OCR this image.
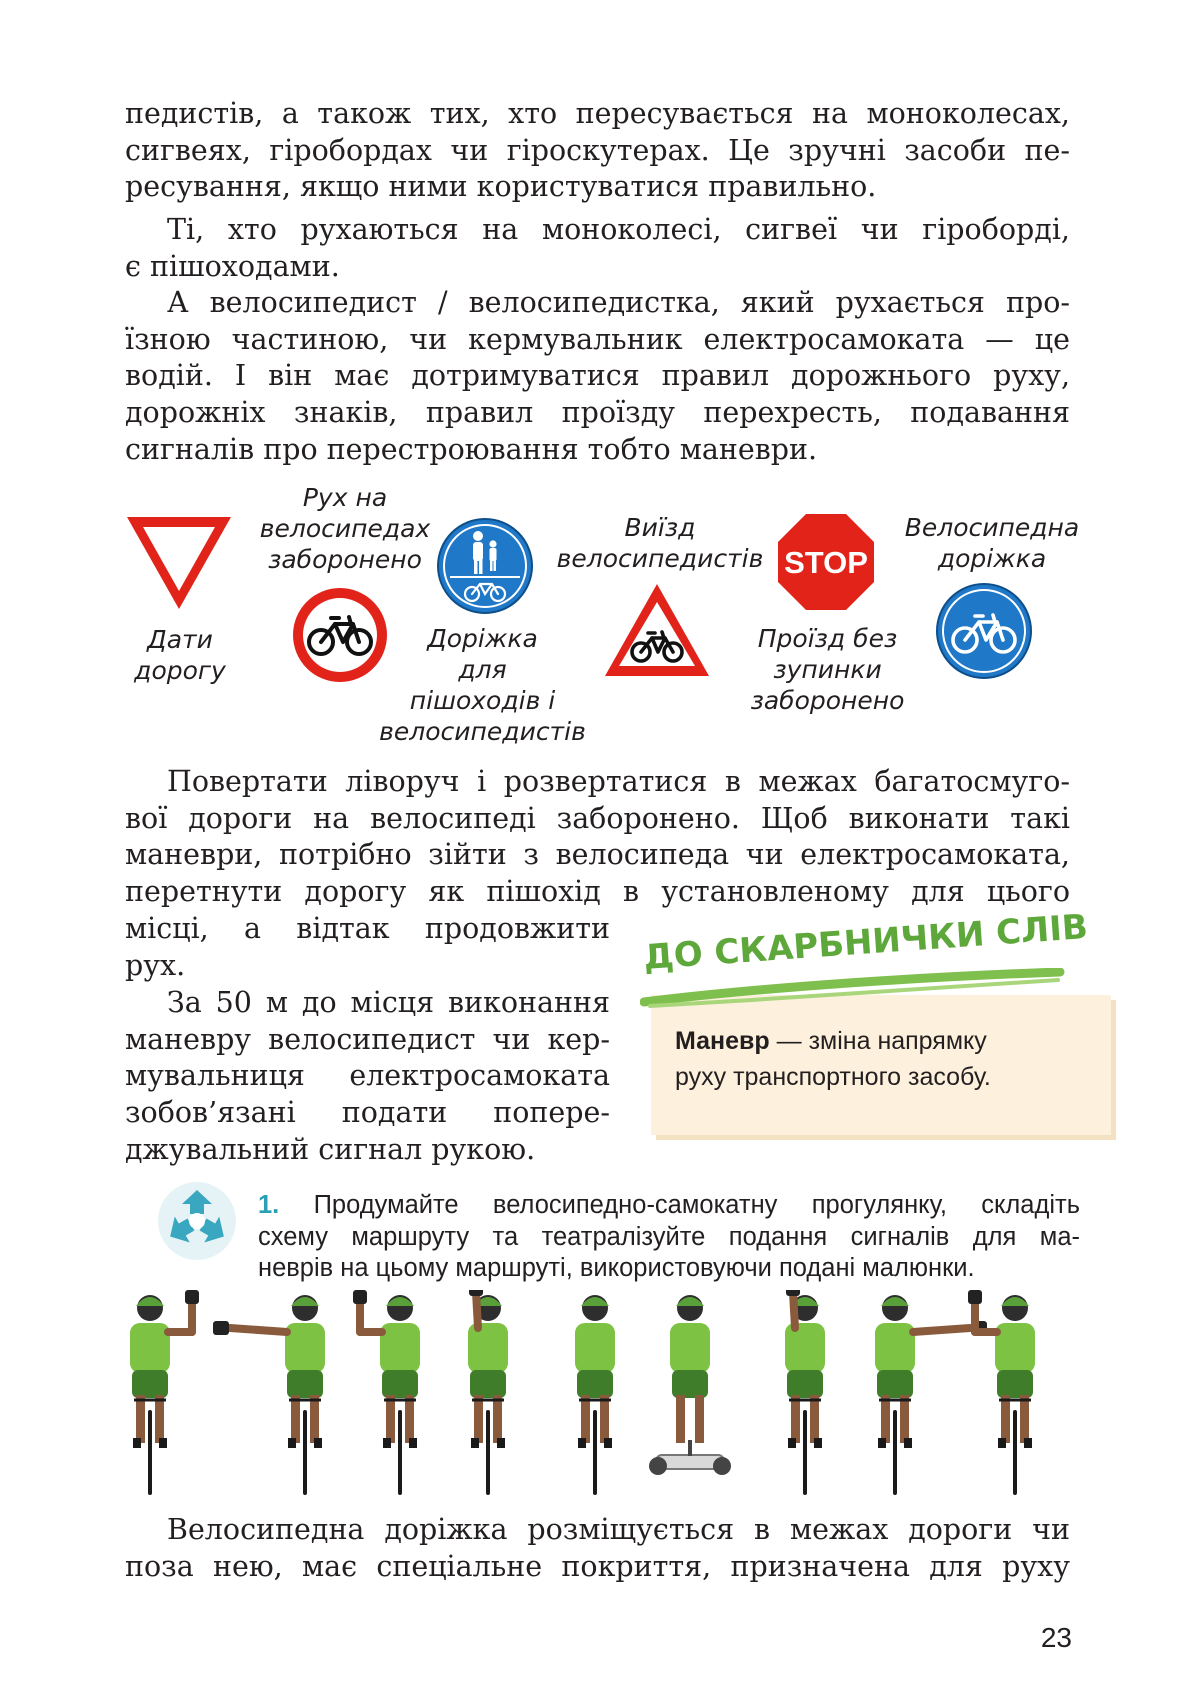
педистів, а також тих, хто пересувається на моноколесах,
сигвеях, гіробордах чи гіроскутерах. Це зручні засоби пе-
ресування, якщо ними користуватися правильно.
Ті, хто рухаються на моноколесі, сигвеї чи гіроборді,
є пішоходами.
А велосипедист / велосипедистка, який рухається про-
їзною частиною, чи кермувальник електросамоката — це
водій. І він має дотримуватися правил дорожнього руху,
дорожніх знаків, правил проїзду перехресть, подавання
сигналів про перестроювання тобто маневри.
Дати
дорогу
Рух на
велосипедах
заборонено
Доріжка
для
пішоходів і
велосипедистів
Виїзд
велосипедистів STOP
Проїзд без
зупинки
заборонено
Велосипедна
доріжка
Повертати ліворуч і розвертатися в межах багатосмуго-
вої дороги на велосипеді заборонено. Щоб виконати такі
маневри, потрібно зійти з велосипеда чи електросамоката,
перетнути дорогу як пішохід в установленому для цього
місці, а відтак продовжити
рух.
За 50 м до місця виконання
маневру велосипедист чи кер-
мувальниця електросамоката
зобов’язані подати попере-
джувальний сигнал рукою.
ДО СКАРБНИЧКИ СЛІВ
Маневр — зміна напрямку
руху транспортного засобу.
1. Продумайте велосипедно-самокатну прогулянку, складіть
схему маршруту та театралізуйте подання сигналів для ма-
неврів на цьому маршруті, використовуючи подані малюнки.
Велосипедна доріжка розміщується в межах дороги чи
поза нею, має спеціальне покриття, призначена для руху
23
